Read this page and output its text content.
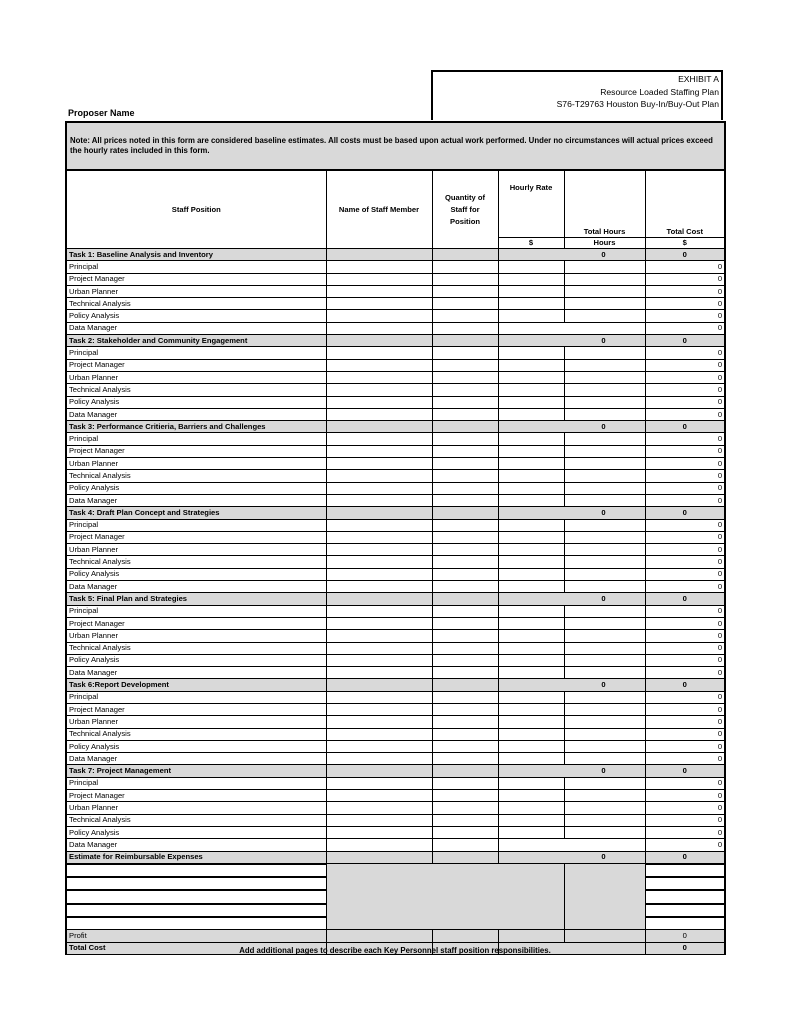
EXHIBIT A
Resource Loaded Staffing Plan
S76-T29763 Houston Buy-In/Buy-Out Plan
Proposer Name
Note: All prices noted in this form are considered baseline estimates. All costs must be based upon actual work performed. Under no circumstances will actual prices exceed the hourly rates included in this form.					
Staff Position	Name of Staff Member	Quantity of Staff for Position	Hourly Rate	Total Hours	Total Cost
			$	Hours	$
Task 1: Baseline Analysis and Inventory			0		0
Principal					0
Project Manager					0
Urban Planner					0
Technical Analysis					0
Policy Analysis					0
Data Manager					0
Task 2: Stakeholder and Community Engagement			0		0
Principal					0
Project Manager					0
Urban Planner					0
Technical Analysis					0
Policy Analysis					0
Data Manager					0
Task 3: Performance Critieria, Barriers and Challenges			0		0
Principal					0
Project Manager					0
Urban Planner					0
Technical Analysis					0
Policy Analysis					0
Data Manager					0
Task 4: Draft Plan Concept and Strategies			0		0
Principal					0
Project Manager					0
Urban Planner					0
Technical Analysis					0
Policy Analysis					0
Data Manager					0
Task 5: Final Plan and Strategies			0		0
Principal					0
Project Manager					0
Urban Planner					0
Technical Analysis					0
Policy Analysis					0
Data Manager					0
Task 6:Report Development			0		0
Principal					0
Project Manager					0
Urban Planner					0
Technical Analysis					0
Policy Analysis					0
Data Manager					0
Task 7: Project Management			0		0
Principal					0
Project Manager					0
Urban Planner					0
Technical Analysis					0
Policy Analysis					0
Data Manager					0
Estimate for Reimbursable Expenses			0		0

Profit					0
Total Cost					0
Add additional pages to describe each Key Personnel staff position responsibilities.
